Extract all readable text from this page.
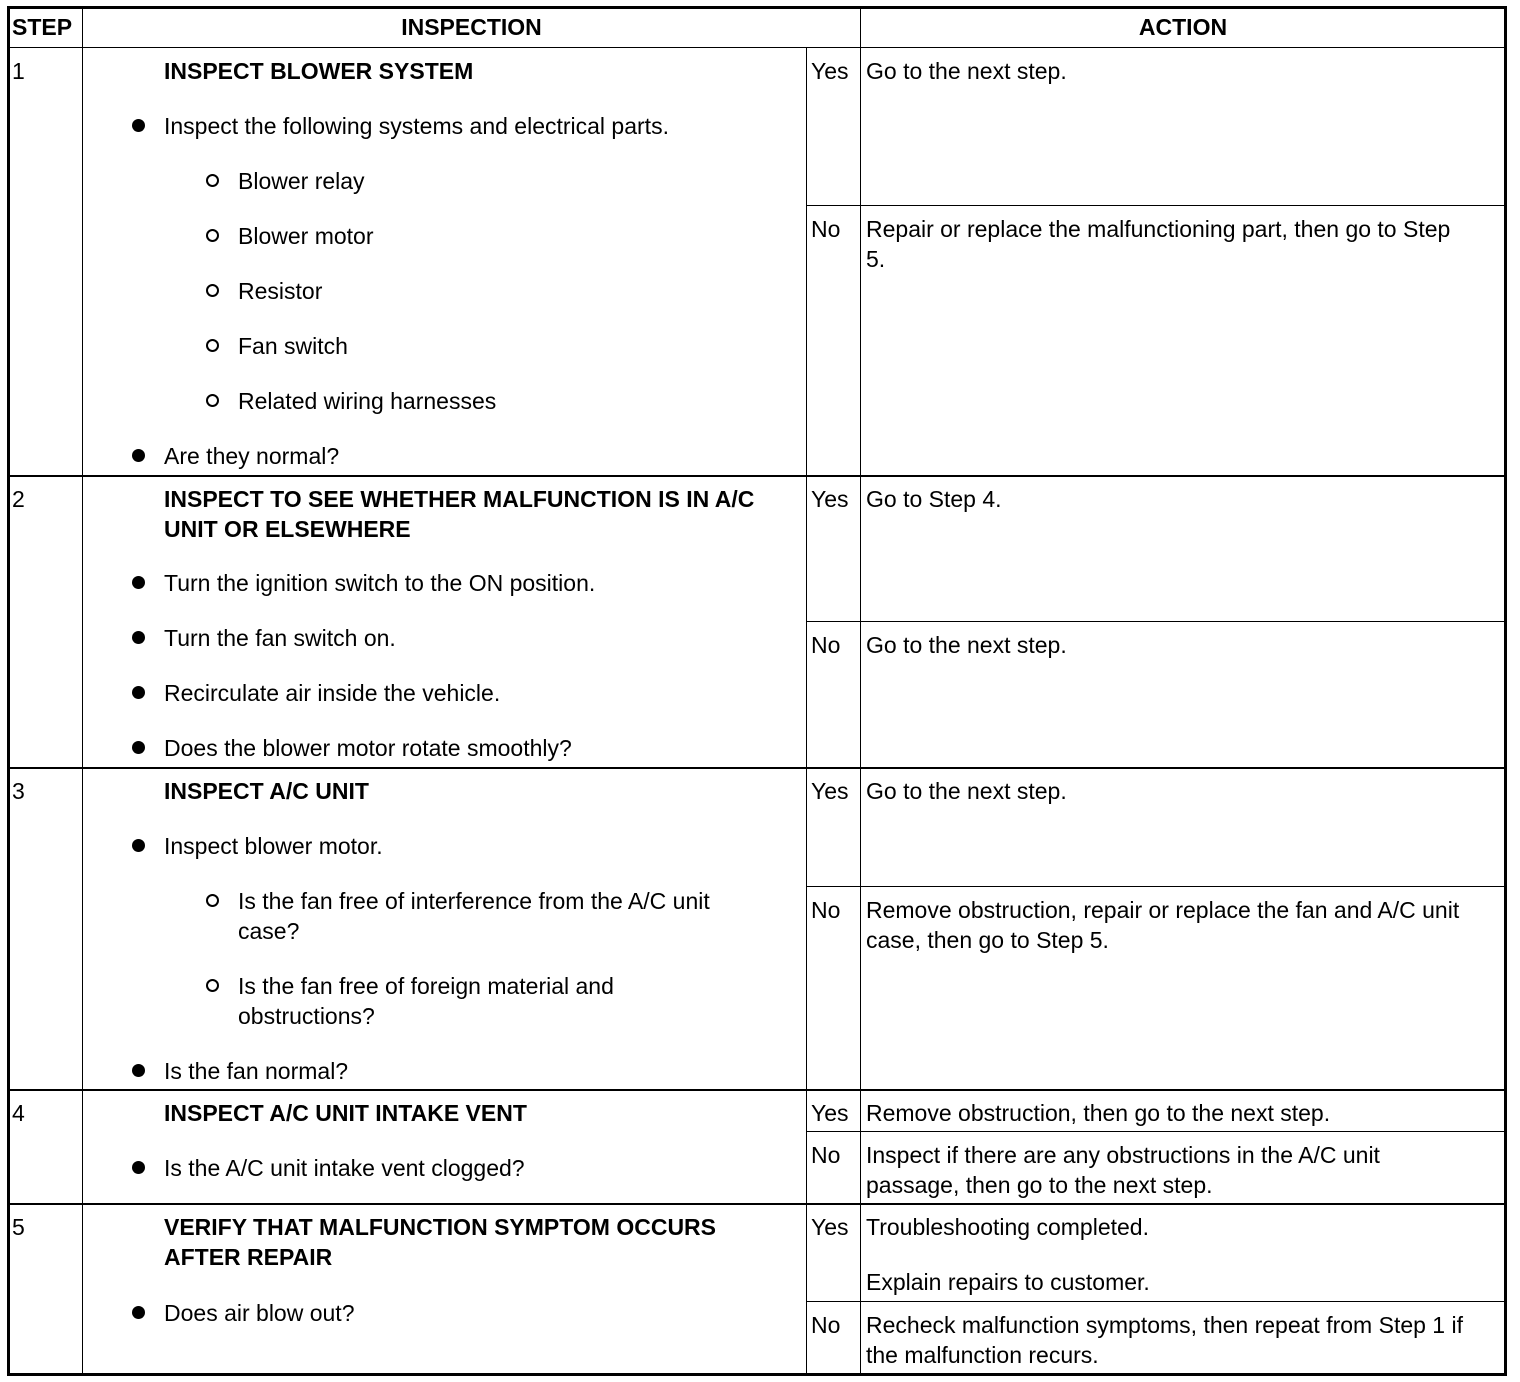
STEP	INSPECTION	ACTION
1	INSPECT BLOWER SYSTEM
Inspect the following systems and electrical parts.
Blower relay
Blower motor
Resistor
Fan switch
Related wiring harnesses
Are they normal?
Yes Go to the next step.
No Repair or replace the malfunctioning part, then go to Step 5.
2	INSPECT TO SEE WHETHER MALFUNCTION IS IN A/C UNIT OR ELSEWHERE
Turn the ignition switch to the ON position.
Turn the fan switch on.
Recirculate air inside the vehicle.
Does the blower motor rotate smoothly?
Yes Go to Step 4.
No Go to the next step.
3	INSPECT A/C UNIT
Inspect blower motor.
Is the fan free of interference from the A/C unit case?
Is the fan free of foreign material and obstructions?
Is the fan normal?
Yes Go to the next step.
No Remove obstruction, repair or replace the fan and A/C unit case, then go to Step 5.
4	INSPECT A/C UNIT INTAKE VENT
Is the A/C unit intake vent clogged?
Yes Remove obstruction, then go to the next step.
No Inspect if there are any obstructions in the A/C unit passage, then go to the next step.
5	VERIFY THAT MALFUNCTION SYMPTOM OCCURS AFTER REPAIR
Does air blow out?
Yes Troubleshooting completed.
Explain repairs to customer.
No Recheck malfunction symptoms, then repeat from Step 1 if the malfunction recurs.
